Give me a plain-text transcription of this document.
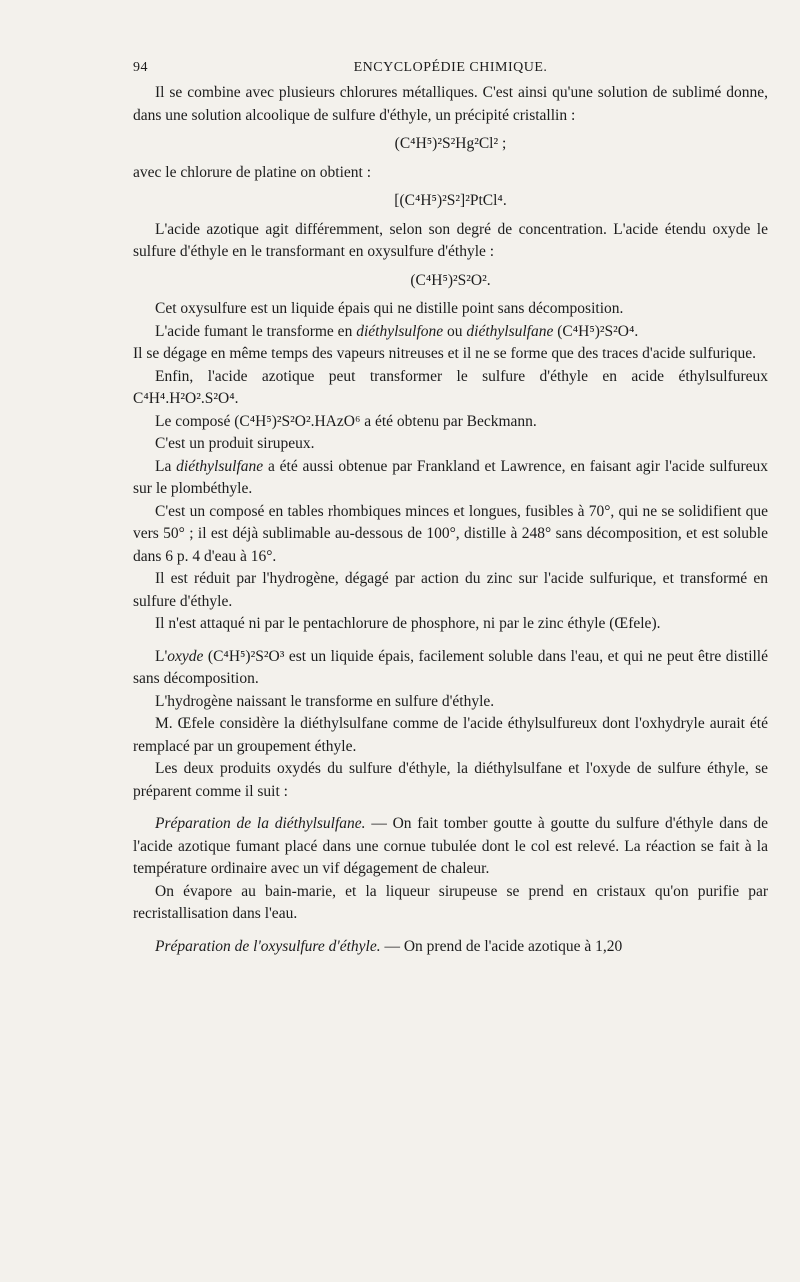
94	ENCYCLOPÉDIE CHIMIQUE.

Il se combine avec plusieurs chlorures métalliques. C'est ainsi qu'une solution de sublimé donne, dans une solution alcoolique de sulfure d'éthyle, un précipité cristallin :

(C⁴H⁵)²S²Hg²Cl² ;

avec le chlorure de platine on obtient :

[(C⁴H⁵)²S²]²PtCl⁴.

L'acide azotique agit différemment, selon son degré de concentration. L'acide étendu oxyde le sulfure d'éthyle en le transformant en oxysulfure d'éthyle :

(C⁴H⁵)²S²O².

Cet oxysulfure est un liquide épais qui ne distille point sans décomposition.

L'acide fumant le transforme en diéthylsulfone ou diéthylsulfane (C⁴H⁵)²S²O⁴.

Il se dégage en même temps des vapeurs nitreuses et il ne se forme que des traces d'acide sulfurique.

Enfin, l'acide azotique peut transformer le sulfure d'éthyle en acide éthylsulfureux C⁴H⁴.H²O².S²O⁴.

Le composé (C⁴H⁵)²S²O².HAzO⁶ a été obtenu par Beckmann.

C'est un produit sirupeux.

La diéthylsulfane a été aussi obtenue par Frankland et Lawrence, en faisant agir l'acide sulfureux sur le plombéthyle.

C'est un composé en tables rhombiques minces et longues, fusibles à 70°, qui ne se solidifient que vers 50° ; il est déjà sublimable au-dessous de 100°, distille à 248° sans décomposition, et est soluble dans 6 p. 4 d'eau à 16°.

Il est réduit par l'hydrogène, dégagé par action du zinc sur l'acide sulfurique, et transformé en sulfure d'éthyle.

Il n'est attaqué ni par le pentachlorure de phosphore, ni par le zinc éthyle (Œfele).

L'oxyde (C⁴H⁵)²S²O³ est un liquide épais, facilement soluble dans l'eau, et qui ne peut être distillé sans décomposition.

L'hydrogène naissant le transforme en sulfure d'éthyle.

M. Œfele considère la diéthylsulfane comme de l'acide éthylsulfureux dont l'oxhydryle aurait été remplacé par un groupement éthyle.

Les deux produits oxydés du sulfure d'éthyle, la diéthylsulfane et l'oxyde de sulfure éthyle, se préparent comme il suit :

Préparation de la diéthylsulfane. — On fait tomber goutte à goutte du sulfure d'éthyle dans de l'acide azotique fumant placé dans une cornue tubulée dont le col est relevé. La réaction se fait à la température ordinaire avec un vif dégagement de chaleur.

On évapore au bain-marie, et la liqueur sirupeuse se prend en cristaux qu'on purifie par recristallisation dans l'eau.

Préparation de l'oxysulfure d'éthyle. — On prend de l'acide azotique à 1,20
